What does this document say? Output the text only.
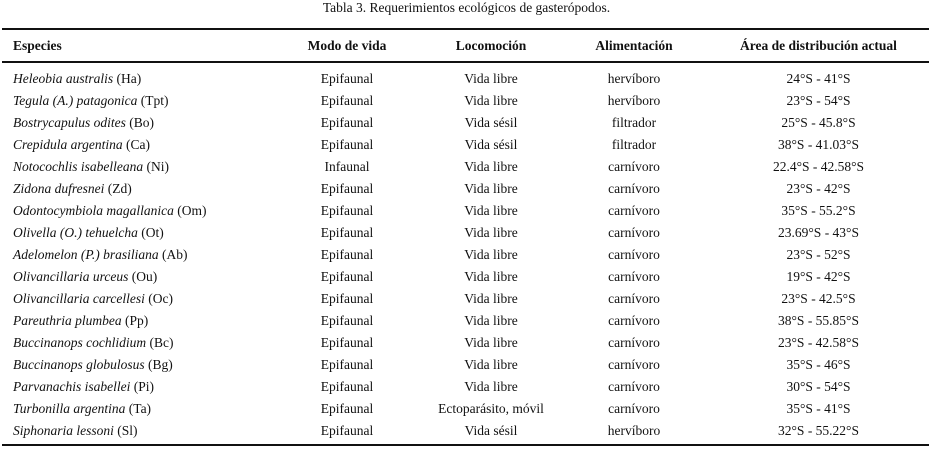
Tabla 3. Requerimientos ecológicos de gasterópodos.
Especies	Modo de vida	Locomoción	Alimentación	Área de distribución actual
Heleobia australis (Ha)	Epifaunal	Vida libre	hervíboro	24°S - 41°S
Tegula (A.) patagonica (Tpt)	Epifaunal	Vida libre	hervíboro	23°S - 54°S
Bostrycapulus odites (Bo)	Epifaunal	Vida sésil	filtrador	25°S - 45.8°S
Crepidula argentina (Ca)	Epifaunal	Vida sésil	filtrador	38°S - 41.03°S
Notocochlis isabelleana (Ni)	Infaunal	Vida libre	carnívoro	22.4°S - 42.58°S
Zidona dufresnei (Zd)	Epifaunal	Vida libre	carnívoro	23°S - 42°S
Odontocymbiola magallanica (Om)	Epifaunal	Vida libre	carnívoro	35°S - 55.2°S
Olivella (O.) tehuelcha (Ot)	Epifaunal	Vida libre	carnívoro	23.69°S - 43°S
Adelomelon (P.) brasiliana (Ab)	Epifaunal	Vida libre	carnívoro	23°S - 52°S
Olivancillaria urceus (Ou)	Epifaunal	Vida libre	carnívoro	19°S - 42°S
Olivancillaria carcellesi (Oc)	Epifaunal	Vida libre	carnívoro	23°S - 42.5°S
Pareuthria plumbea (Pp)	Epifaunal	Vida libre	carnívoro	38°S - 55.85°S
Buccinanops cochlidium (Bc)	Epifaunal	Vida libre	carnívoro	23°S - 42.58°S
Buccinanops globulosus (Bg)	Epifaunal	Vida libre	carnívoro	35°S - 46°S
Parvanachis isabellei (Pi)	Epifaunal	Vida libre	carnívoro	30°S - 54°S
Turbonilla argentina (Ta)	Epifaunal	Ectoparásito, móvil	carnívoro	35°S - 41°S
Siphonaria lessoni (Sl)	Epifaunal	Vida sésil	hervíboro	32°S - 55.22°S
